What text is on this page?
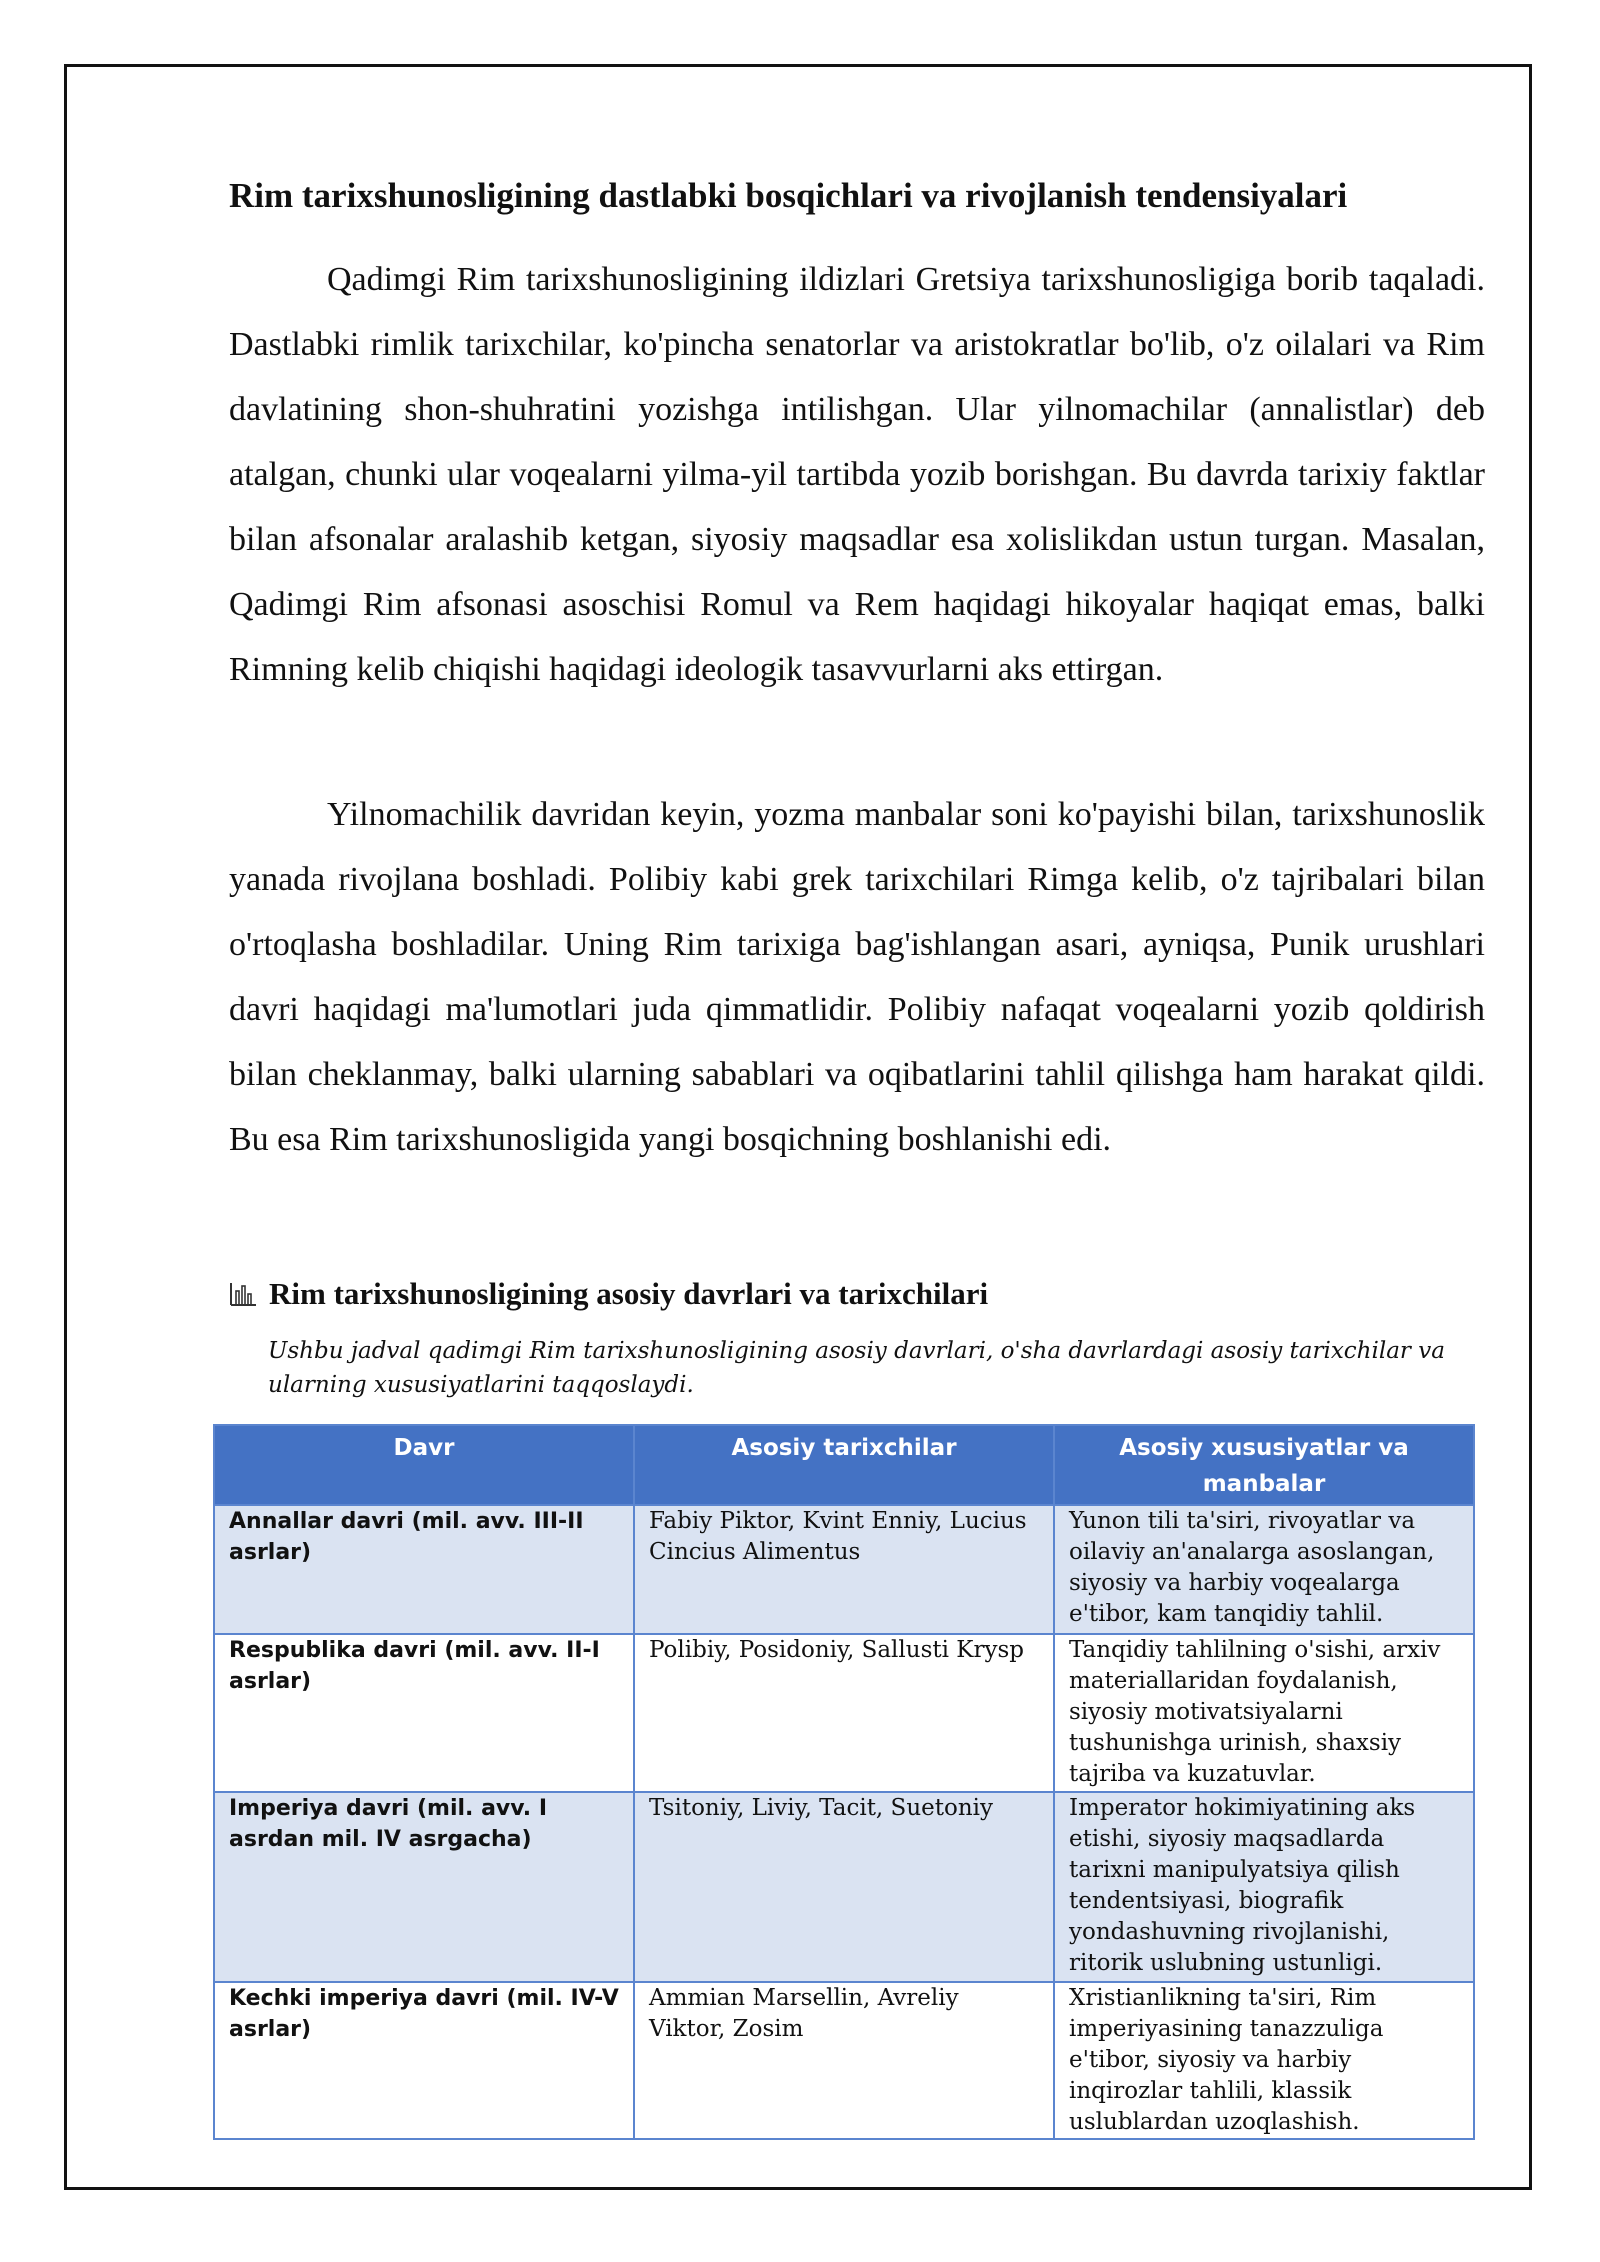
Rim tarixshunosligining dastlabki bosqichlari va rivojlanish tendensiyalari

Qadimgi Rim tarixshunosligining ildizlari Gretsiya tarixshunosligiga borib taqaladi. Dastlabki rimlik tarixchilar, ko'pincha senatorlar va aristokratlar bo'lib, o'z oilalari va Rim davlatining shon-shuhratini yozishga intilishgan. Ular yilnomachilar (annalistlar) deb atalgan, chunki ular voqealarni yilma-yil tartibda yozib borishgan. Bu davrda tarixiy faktlar bilan afsonalar aralashib ketgan, siyosiy maqsadlar esa xolislikdan ustun turgan. Masalan, Qadimgi Rim afsonasi asoschisi Romul va Rem haqidagi hikoyalar haqiqat emas, balki Rimning kelib chiqishi haqidagi ideologik tasavvurlarni aks ettirgan.

Yilnomachilik davridan keyin, yozma manbalar soni ko'payishi bilan, tarixshunoslik yanada rivojlana boshladi. Polibiy kabi grek tarixchilari Rimga kelib, o'z tajribalari bilan o'rtoqlasha boshladilar. Uning Rim tarixiga bag'ishlangan asari, ayniqsa, Punik urushlari davri haqidagi ma'lumotlari juda qimmatlidir. Polibiy nafaqat voqealarni yozib qoldirish bilan cheklanmay, balki ularning sabablari va oqibatlarini tahlil qilishga ham harakat qildi. Bu esa Rim tarixshunosligida yangi bosqichning boshlanishi edi.

Rim tarixshunosligining asosiy davrlari va tarixchilari

Ushbu jadval qadimgi Rim tarixshunosligining asosiy davrlari, o'sha davrlardagi asosiy tarixchilar va ularning xususiyatlarini taqqoslaydi.

Davr	Asosiy tarixchilar	Asosiy xususiyatlar va manbalar
Annallar davri (mil. avv. III-II asrlar)	Fabiy Piktor, Kvint Enniy, Lucius Cincius Alimentus	Yunon tili ta'siri, rivoyatlar va oilaviy an'analarga asoslangan, siyosiy va harbiy voqealarga e'tibor, kam tanqidiy tahlil.
Respublika davri (mil. avv. II-I asrlar)	Polibiy, Posidoniy, Sallusti Krysp	Tanqidiy tahlilning o'sishi, arxiv materiallaridan foydalanish, siyosiy motivatsiyalarni tushunishga urinish, shaxsiy tajriba va kuzatuvlar.
Imperiya davri (mil. avv. I asrdan mil. IV asrgacha)	Tsitoniy, Liviy, Tacit, Suetoniy	Imperator hokimiyatining aks etishi, siyosiy maqsadlarda tarixni manipulyatsiya qilish tendentsiyasi, biografik yondashuvning rivojlanishi, ritorik uslubning ustunligi.
Kechki imperiya davri (mil. IV-V asrlar)	Ammian Marsellin, Avreliy Viktor, Zosim	Xristianlikning ta'siri, Rim imperiyasining tanazzuliga e'tibor, siyosiy va harbiy inqirozlar tahlili, klassik uslublardan uzoqlashish.
